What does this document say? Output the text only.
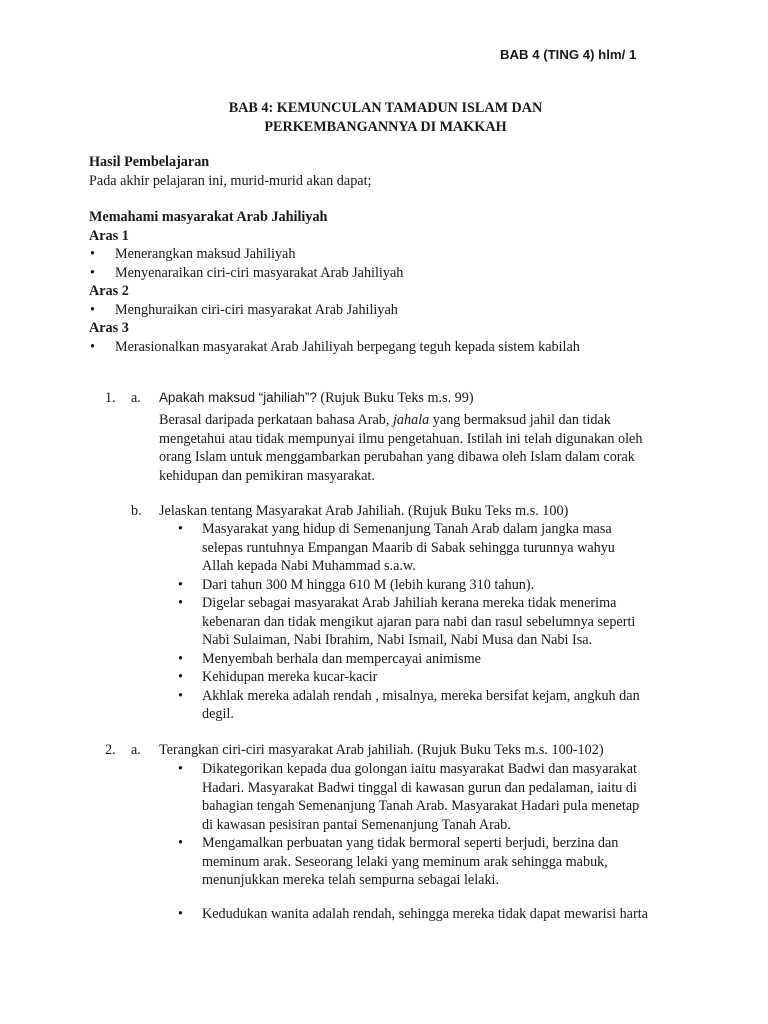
BAB 4 (TING 4) hlm/ 1
BAB 4: KEMUNCULAN TAMADUN ISLAM DAN
PERKEMBANGANNYA DI MAKKAH
Hasil Pembelajaran
Pada akhir pelajaran ini, murid-murid akan dapat;
Memahami masyarakat Arab Jahiliyah
Aras 1
• Menerangkan maksud Jahiliyah
• Menyenaraikan ciri-ciri masyarakat Arab Jahiliyah
Aras 2
• Menghuraikan ciri-ciri masyarakat Arab Jahiliyah
Aras 3
• Merasionalkan masyarakat Arab Jahiliyah berpegang teguh kepada sistem kabilah
1. a. Apakah maksud “jahiliah”? (Rujuk Buku Teks m.s. 99)
Berasal daripada perkataan bahasa Arab, jahala yang bermaksud jahil dan tidak
mengetahui atau tidak mempunyai ilmu pengetahuan. Istilah ini telah digunakan oleh
orang Islam untuk menggambarkan perubahan yang dibawa oleh Islam dalam corak
kehidupan dan pemikiran masyarakat.
b. Jelaskan tentang Masyarakat Arab Jahiliah. (Rujuk Buku Teks m.s. 100)
• Masyarakat yang hidup di Semenanjung Tanah Arab dalam jangka masa
selepas runtuhnya Empangan Maarib di Sabak sehingga turunnya wahyu
Allah kepada Nabi Muhammad s.a.w.
• Dari tahun 300 M hingga 610 M (lebih kurang 310 tahun).
• Digelar sebagai masyarakat Arab Jahiliah kerana mereka tidak menerima
kebenaran dan tidak mengikut ajaran para nabi dan rasul sebelumnya seperti
Nabi Sulaiman, Nabi Ibrahim, Nabi Ismail, Nabi Musa dan Nabi Isa.
• Menyembah berhala dan mempercayai animisme
• Kehidupan mereka kucar-kacir
• Akhlak mereka adalah rendah , misalnya, mereka bersifat kejam, angkuh dan
degil.
2. a. Terangkan ciri-ciri masyarakat Arab jahiliah. (Rujuk Buku Teks m.s. 100-102)
• Dikategorikan kepada dua golongan iaitu masyarakat Badwi dan masyarakat
Hadari. Masyarakat Badwi tinggal di kawasan gurun dan pedalaman, iaitu di
bahagian tengah Semenanjung Tanah Arab. Masyarakat Hadari pula menetap
di kawasan pesisiran pantai Semenanjung Tanah Arab.
• Mengamalkan perbuatan yang tidak bermoral seperti berjudi, berzina dan
meminum arak. Seseorang lelaki yang meminum arak sehingga mabuk,
menunjukkan mereka telah sempurna sebagai lelaki.
• Kedudukan wanita adalah rendah, sehingga mereka tidak dapat mewarisi harta
